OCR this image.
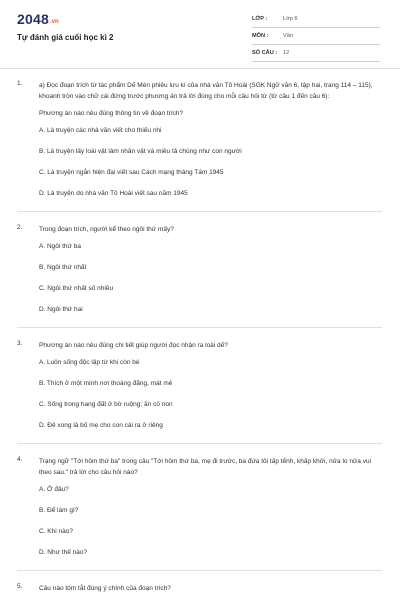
2048.vn
Tự đánh giá cuối học kì 2
LỚP :	Lớp 6
MÔN :	Văn
SỐ CÂU :	12
1.	a) Đọc đoạn trích từ tác phẩm Dế Mèn phiêu lưu kí của nhà văn Tô Hoài (SGK Ngữ văn 6, tập hai, trang 114 – 115), khoanh tròn vào chữ cái đứng trước phương án trả lời đúng cho mỗi câu hỏi từ (từ câu 1 đến câu 6):

Phương án nào nêu đúng thông tin về đoạn trích?

A. Là truyện các nhà văn viết cho thiếu nhi
B. Là truyện lấy loài vật làm nhân vật và miêu tả chúng như con người
C. Là truyện ngắn hiện đại viết sau Cách mạng tháng Tám 1945
D. Là truyện do nhà văn Tô Hoài viết sau năm 1945
2.	Trong đoạn trích, người kể theo ngôi thứ mấy?

A. Ngôi thứ ba
B. Ngôi thứ nhất
C. Ngôi thứ nhất số nhiều
D. Ngôi thứ hai
3.	Phương án nào nêu đúng chi tiết giúp người đọc nhận ra loài dế?

A. Luôn sống độc lập từ khi còn bé
B. Thích ở một mình nơi thoáng đãng, mát mẻ
C. Sống trong hang đất ở bờ ruộng; ăn cỏ non
D. Đẻ xong là bố mẹ cho con cái ra ở riêng
4.	Trạng ngữ "Tới hôm thứ ba" trong câu "Tới hôm thứ ba, mẹ đi trước, ba đứa tôi tấp tểnh, khấp khởi, nửa lo nửa vui theo sau." trả lời cho câu hỏi nào?

A. Ở đâu?
B. Để làm gì?
C. Khi nào?
D. Như thế nào?
5.	Câu nào tóm tắt đúng ý chính của đoạn trích?
